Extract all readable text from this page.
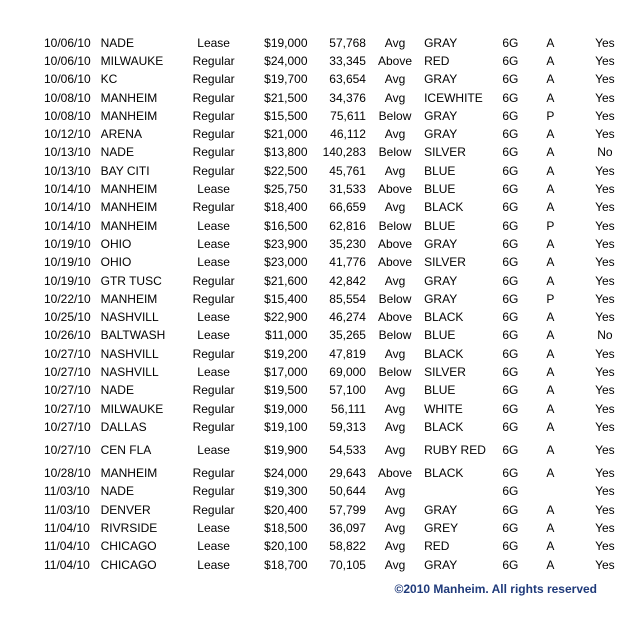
10/06/10	NADE	Lease	$19,000	57,768	Avg	GRAY	6G	A	Yes
10/06/10	MILWAUKE	Regular	$24,000	33,345	Above	RED	6G	A	Yes
10/06/10	KC	Regular	$19,700	63,654	Avg	GRAY	6G	A	Yes
10/08/10	MANHEIM	Regular	$21,500	34,376	Avg	ICEWHITE	6G	A	Yes
10/08/10	MANHEIM	Regular	$15,500	75,611	Below	GRAY	6G	P	Yes
10/12/10	ARENA	Regular	$21,000	46,112	Avg	GRAY	6G	A	Yes
10/13/10	NADE	Regular	$13,800	140,283	Below	SILVER	6G	A	No
10/13/10	BAY CITI	Regular	$22,500	45,761	Avg	BLUE	6G	A	Yes
10/14/10	MANHEIM	Lease	$25,750	31,533	Above	BLUE	6G	A	Yes
10/14/10	MANHEIM	Regular	$18,400	66,659	Avg	BLACK	6G	A	Yes
10/14/10	MANHEIM	Lease	$16,500	62,816	Below	BLUE	6G	P	Yes
10/19/10	OHIO	Lease	$23,900	35,230	Above	GRAY	6G	A	Yes
10/19/10	OHIO	Lease	$23,000	41,776	Above	SILVER	6G	A	Yes
10/19/10	GTR TUSC	Regular	$21,600	42,842	Avg	GRAY	6G	A	Yes
10/22/10	MANHEIM	Regular	$15,400	85,554	Below	GRAY	6G	P	Yes
10/25/10	NASHVILL	Lease	$22,900	46,274	Above	BLACK	6G	A	Yes
10/26/10	BALTWASH	Lease	$11,000	35,265	Below	BLUE	6G	A	No
10/27/10	NASHVILL	Regular	$19,200	47,819	Avg	BLACK	6G	A	Yes
10/27/10	NASHVILL	Lease	$17,000	69,000	Below	SILVER	6G	A	Yes
10/27/10	NADE	Regular	$19,500	57,100	Avg	BLUE	6G	A	Yes
10/27/10	MILWAUKE	Regular	$19,000	56,111	Avg	WHITE	6G	A	Yes
10/27/10	DALLAS	Regular	$19,100	59,313	Avg	BLACK	6G	A	Yes
10/27/10	CEN FLA	Lease	$19,900	54,533	Avg	RUBY RED	6G	A	Yes
10/28/10	MANHEIM	Regular	$24,000	29,643	Above	BLACK	6G	A	Yes
11/03/10	NADE	Regular	$19,300	50,644	Avg		6G		Yes
11/03/10	DENVER	Regular	$20,400	57,799	Avg	GRAY	6G	A	Yes
11/04/10	RIVRSIDE	Lease	$18,500	36,097	Avg	GREY	6G	A	Yes
11/04/10	CHICAGO	Lease	$20,100	58,822	Avg	RED	6G	A	Yes
11/04/10	CHICAGO	Lease	$18,700	70,105	Avg	GRAY	6G	A	Yes
©2010 Manheim. All rights reserved
